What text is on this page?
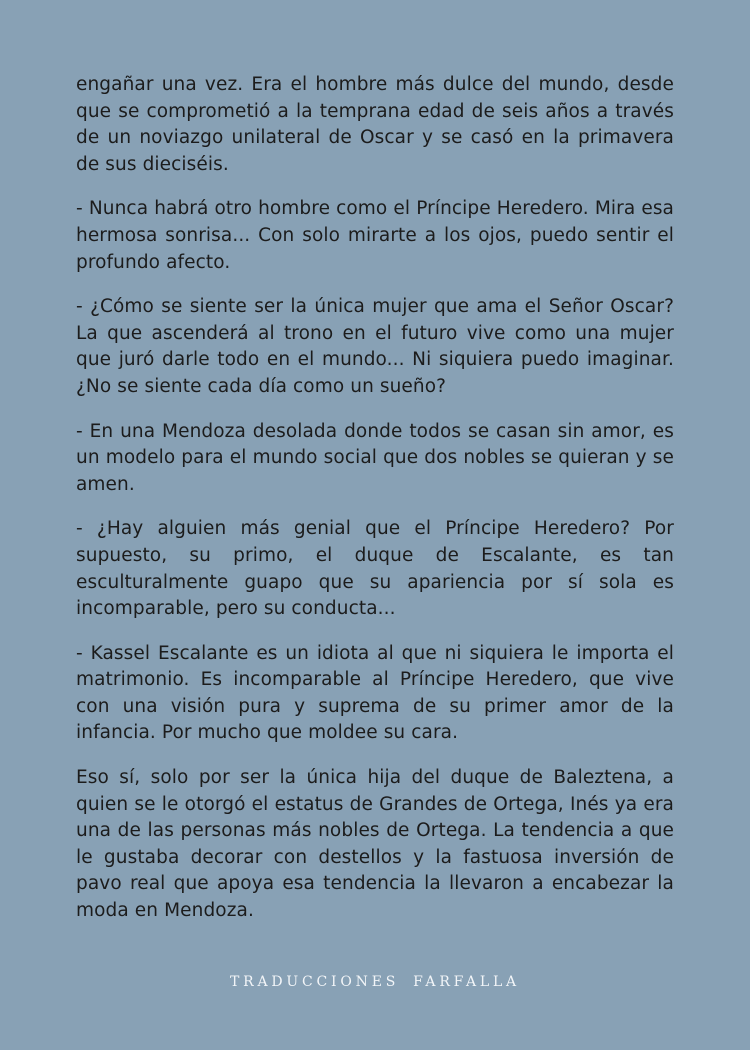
engañar una vez. Era el hombre más dulce del mundo, desde que se comprometió a la temprana edad de seis años a través de un noviazgo unilateral de Oscar y se casó en la primavera de sus dieciséis.

- Nunca habrá otro hombre como el Príncipe Heredero. Mira esa hermosa sonrisa... Con solo mirarte a los ojos, puedo sentir el profundo afecto.

- ¿Cómo se siente ser la única mujer que ama el Señor Oscar? La que ascenderá al trono en el futuro vive como una mujer que juró darle todo en el mundo... Ni siquiera puedo imaginar. ¿No se siente cada día como un sueño?

- En una Mendoza desolada donde todos se casan sin amor, es un modelo para el mundo social que dos nobles se quieran y se amen.

- ¿Hay alguien más genial que el Príncipe Heredero? Por supuesto, su primo, el duque de Escalante, es tan esculturalmente guapo que su apariencia por sí sola es incomparable, pero su conducta...

- Kassel Escalante es un idiota al que ni siquiera le importa el matrimonio. Es incomparable al Príncipe Heredero, que vive con una visión pura y suprema de su primer amor de la infancia. Por mucho que moldee su cara.

Eso sí, solo por ser la única hija del duque de Baleztena, a quien se le otorgó el estatus de Grandes de Ortega, Inés ya era una de las personas más nobles de Ortega. La tendencia a que le gustaba decorar con destellos y la fastuosa inversión de pavo real que apoya esa tendencia la llevaron a encabezar la moda en Mendoza.

TRADUCCIONES FARFALLA
